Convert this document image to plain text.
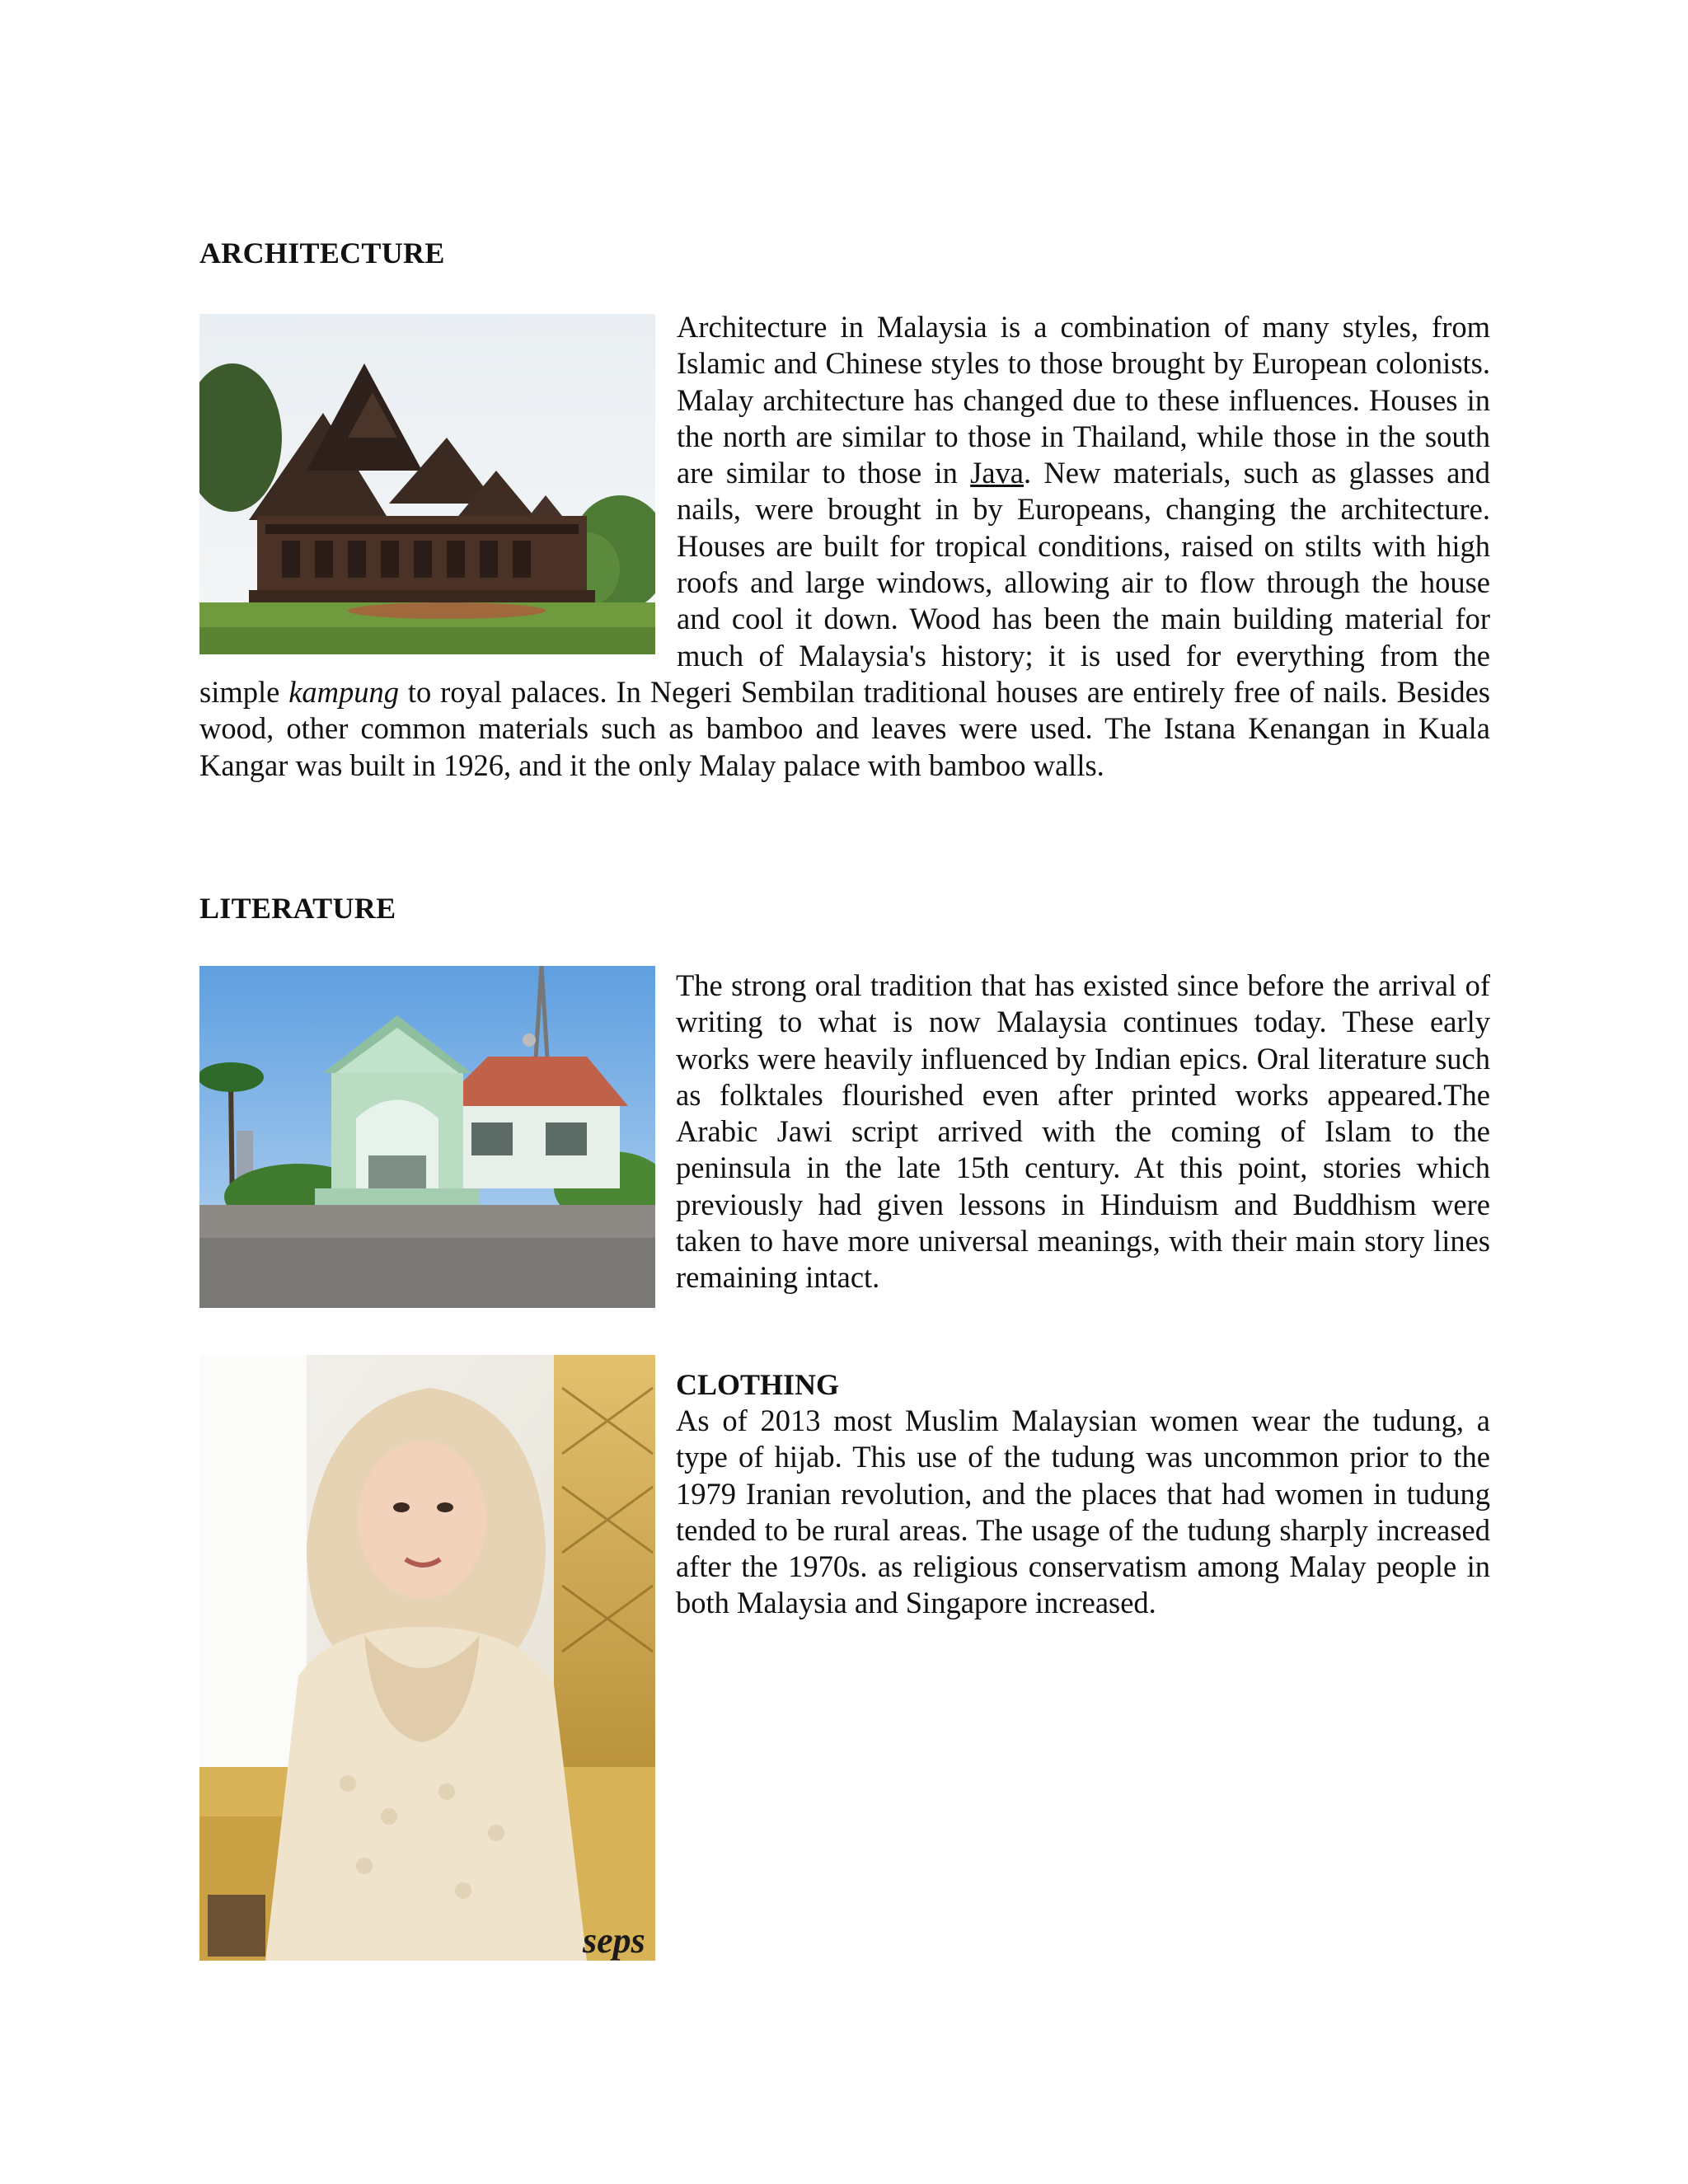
ARCHITECTURE

Architecture in Malaysia is a combination of many styles, from Islamic and Chinese styles to those brought by European colonists. Malay architecture has changed due to these influences. Houses in the north are similar to those in Thailand, while those in the south are similar to those in Java. New materials, such as glasses and nails, were brought in by Europeans, changing the architecture. Houses are built for tropical conditions, raised on stilts with high roofs and large windows, allowing air to flow through the house and cool it down. Wood has been the main building material for much of Malaysia's history; it is used for everything from the simple kampung to royal palaces. In Negeri Sembilan traditional houses are entirely free of nails. Besides wood, other common materials such as bamboo and leaves were used. The Istana Kenangan in Kuala Kangar was built in 1926, and it the only Malay palace with bamboo walls.

LITERATURE

The strong oral tradition that has existed since before the arrival of writing to what is now Malaysia continues today. These early works were heavily influenced by Indian epics. Oral literature such as folktales flourished even after printed works appeared.The Arabic Jawi script arrived with the coming of Islam to the peninsula in the late 15th century. At this point, stories which previously had given lessons in Hinduism and Buddhism were taken to have more universal meanings, with their main story lines remaining intact.

seps
CLOTHING

As of 2013 most Muslim Malaysian women wear the tudung, a type of hijab. This use of the tudung was uncommon prior to the 1979 Iranian revolution, and the places that had women in tudung tended to be rural areas. The usage of the tudung sharply increased after the 1970s. as religious conservatism among Malay people in both Malaysia and Singapore increased.
